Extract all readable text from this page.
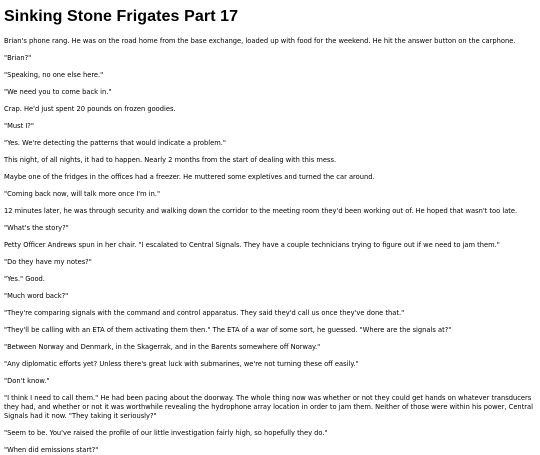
Sinking Stone Frigates Part 17

Brian's phone rang. He was on the road home from the base exchange, loaded up with food for the weekend. He hit the answer button on the carphone.

"Brian?"

"Speaking, no one else here."

"We need you to come back in."

Crap. He'd just spent 20 pounds on frozen goodies.

"Must I?"

"Yes. We're detecting the patterns that would indicate a problem."

This night, of all nights, it had to happen. Nearly 2 months from the start of dealing with this mess.

Maybe one of the fridges in the offices had a freezer. He muttered some expletives and turned the car around.

"Coming back now, will talk more once I'm in."

12 minutes later, he was through security and walking down the corridor to the meeting room they'd been working out of. He hoped that wasn't too late.

"What's the story?"

Petty Officer Andrews spun in her chair. "I escalated to Central Signals. They have a couple technicians trying to figure out if we need to jam them."

"Do they have my notes?"

"Yes." Good.

"Much word back?"

"They're comparing signals with the command and control apparatus. They said they'd call us once they've done that."

"They'll be calling with an ETA of them activating them then." The ETA of a war of some sort, he guessed. "Where are the signals at?"

"Between Norway and Denmark, in the Skagerrak, and in the Barents somewhere off Norway."

"Any diplomatic efforts yet? Unless there's great luck with submarines, we're not turning these off easily."

"Don't know."

"I think I need to call them." He had been pacing about the doorway. The whole thing now was whether or not they could get hands on whatever transducers they had, and whether or not it was worthwhile revealing the hydrophone array location in order to jam them. Neither of those were within his power, Central Signals had it now. "They taking it seriously?"

"Seem to be. You've raised the profile of our little investigation fairly high, so hopefully they do."

"When did emissions start?"
